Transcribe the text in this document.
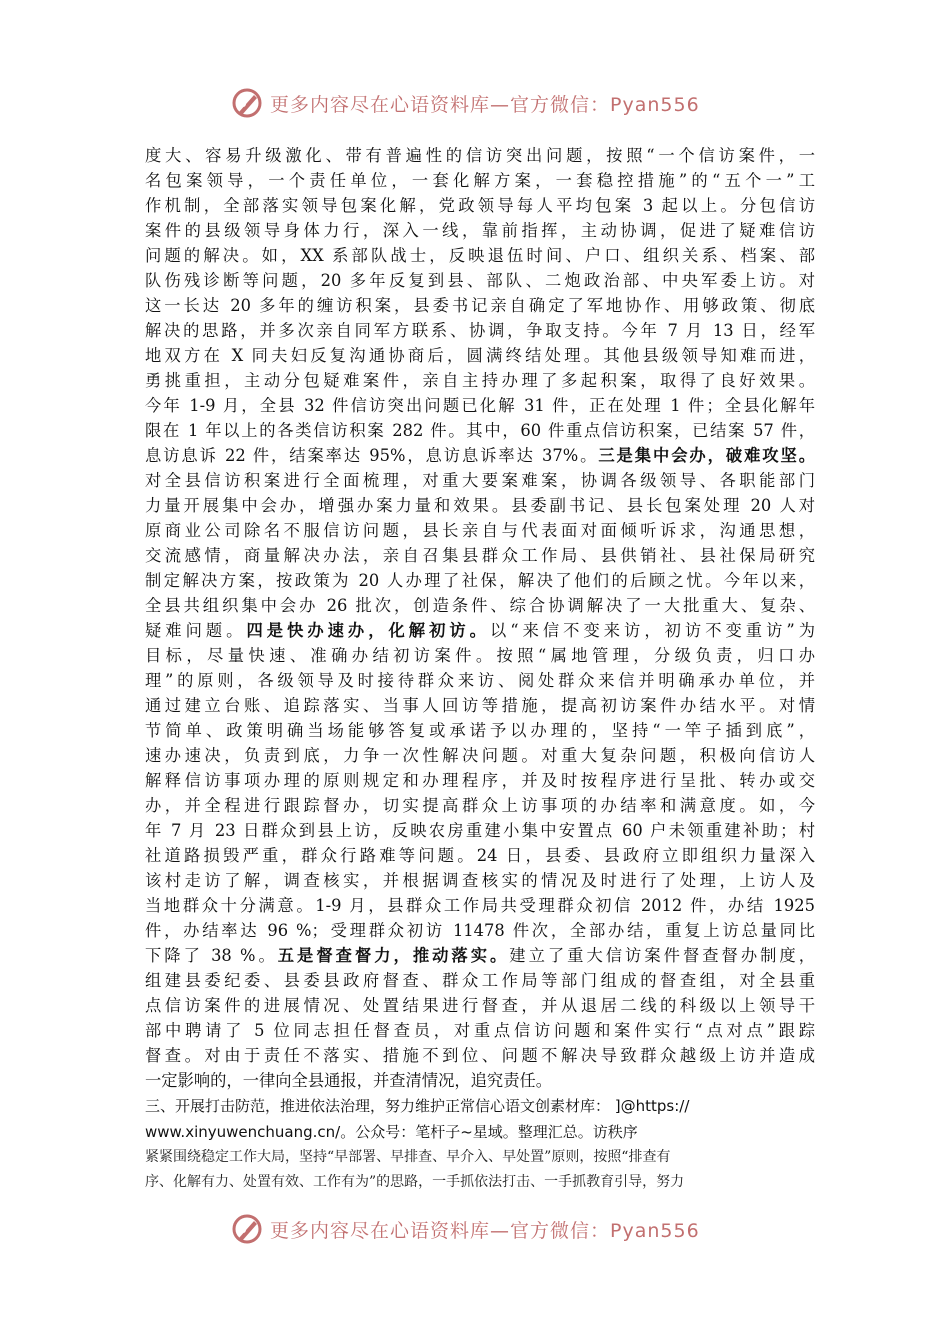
更多内容尽在心语资料库—官方微信：Pyan556
度大、容易升级激化、带有普遍性的信访突出问题，按照“一个信访案件，一
名包案领导，一个责任单位，一套化解方案，一套稳控措施”的“五个一”工
作机制，全部落实领导包案化解，党政领导每人平均包案 3 起以上。分包信访
案件的县级领导身体力行，深入一线，靠前指挥，主动协调，促进了疑难信访
问题的解决。如，XX 系部队战士，反映退伍时间、户口、组织关系、档案、部
队伤残诊断等问题，20 多年反复到县、部队、二炮政治部、中央军委上访。对
这一长达 20 多年的缠访积案，县委书记亲自确定了军地协作、用够政策、彻底
解决的思路，并多次亲自同军方联系、协调，争取支持。今年 7 月 13 日，经军
地双方在 X 同夫妇反复沟通协商后，圆满终结处理。其他县级领导知难而进，
勇挑重担，主动分包疑难案件，亲自主持办理了多起积案，取得了良好效果。
今年 1-9 月，全县 32 件信访突出问题已化解 31 件，正在处理 1 件；全县化解年
限在 1 年以上的各类信访积案 282 件。其中，60 件重点信访积案，已结案 57 件，
息访息诉 22 件，结案率达 95%，息访息诉率达 37%。三是集中会办，破难攻坚。
对全县信访积案进行全面梳理，对重大要案难案，协调各级领导、各职能部门
力量开展集中会办，增强办案力量和效果。县委副书记、县长包案处理 20 人对
原商业公司除名不服信访问题，县长亲自与代表面对面倾听诉求，沟通思想，
交流感情，商量解决办法，亲自召集县群众工作局、县供销社、县社保局研究
制定解决方案，按政策为 20 人办理了社保，解决了他们的后顾之忧。今年以来，
全县共组织集中会办 26 批次，创造条件、综合协调解决了一大批重大、复杂、
疑难问题。四是快办速办，化解初访。以“来信不变来访，初访不变重访”为
目标，尽量快速、准确办结初访案件。按照“属地管理，分级负责，归口办
理”的原则，各级领导及时接待群众来访、阅处群众来信并明确承办单位，并
通过建立台账、追踪落实、当事人回访等措施，提高初访案件办结水平。对情
节简单、政策明确当场能够答复或承诺予以办理的，坚持“一竿子插到底”，
速办速决，负责到底，力争一次性解决问题。对重大复杂问题，积极向信访人
解释信访事项办理的原则规定和办理程序，并及时按程序进行呈批、转办或交
办，并全程进行跟踪督办，切实提高群众上访事项的办结率和满意度。如，今
年 7 月 23 日群众到县上访，反映农房重建小集中安置点 60 户未领重建补助；村
社道路损毁严重，群众行路难等问题。24 日，县委、县政府立即组织力量深入
该村走访了解，调查核实，并根据调查核实的情况及时进行了处理，上访人及
当地群众十分满意。1-9 月，县群众工作局共受理群众初信 2012 件，办结 1925
件，办结率达 96 %；受理群众初访 11478 件次，全部办结，重复上访总量同比
下降了 38 %。五是督查督力，推动落实。建立了重大信访案件督查督办制度，
组建县委纪委、县委县政府督查、群众工作局等部门组成的督查组，对全县重
点信访案件的进展情况、处置结果进行督查，并从退居二线的科级以上领导干
部中聘请了 5 位同志担任督查员，对重点信访问题和案件实行“点对点”跟踪
督查。对由于责任不落实、措施不到位、问题不解决导致群众越级上访并造成
一定影响的，一律向全县通报，并查清情况，追究责任。
三、开展打击防范，推进依法治理，努力维护正常信心语文创素材库： ]@https://
www.xinyuwenchuang.cn/。公众号：笔杆子~星域。整理汇总。访秩序
紧紧围绕稳定工作大局，坚持“早部署、早排查、早介入、早处置”原则，按照“排查有
序、化解有力、处置有效、工作有为”的思路，一手抓依法打击、一手抓教育引导，努力
更多内容尽在心语资料库—官方微信：Pyan556
